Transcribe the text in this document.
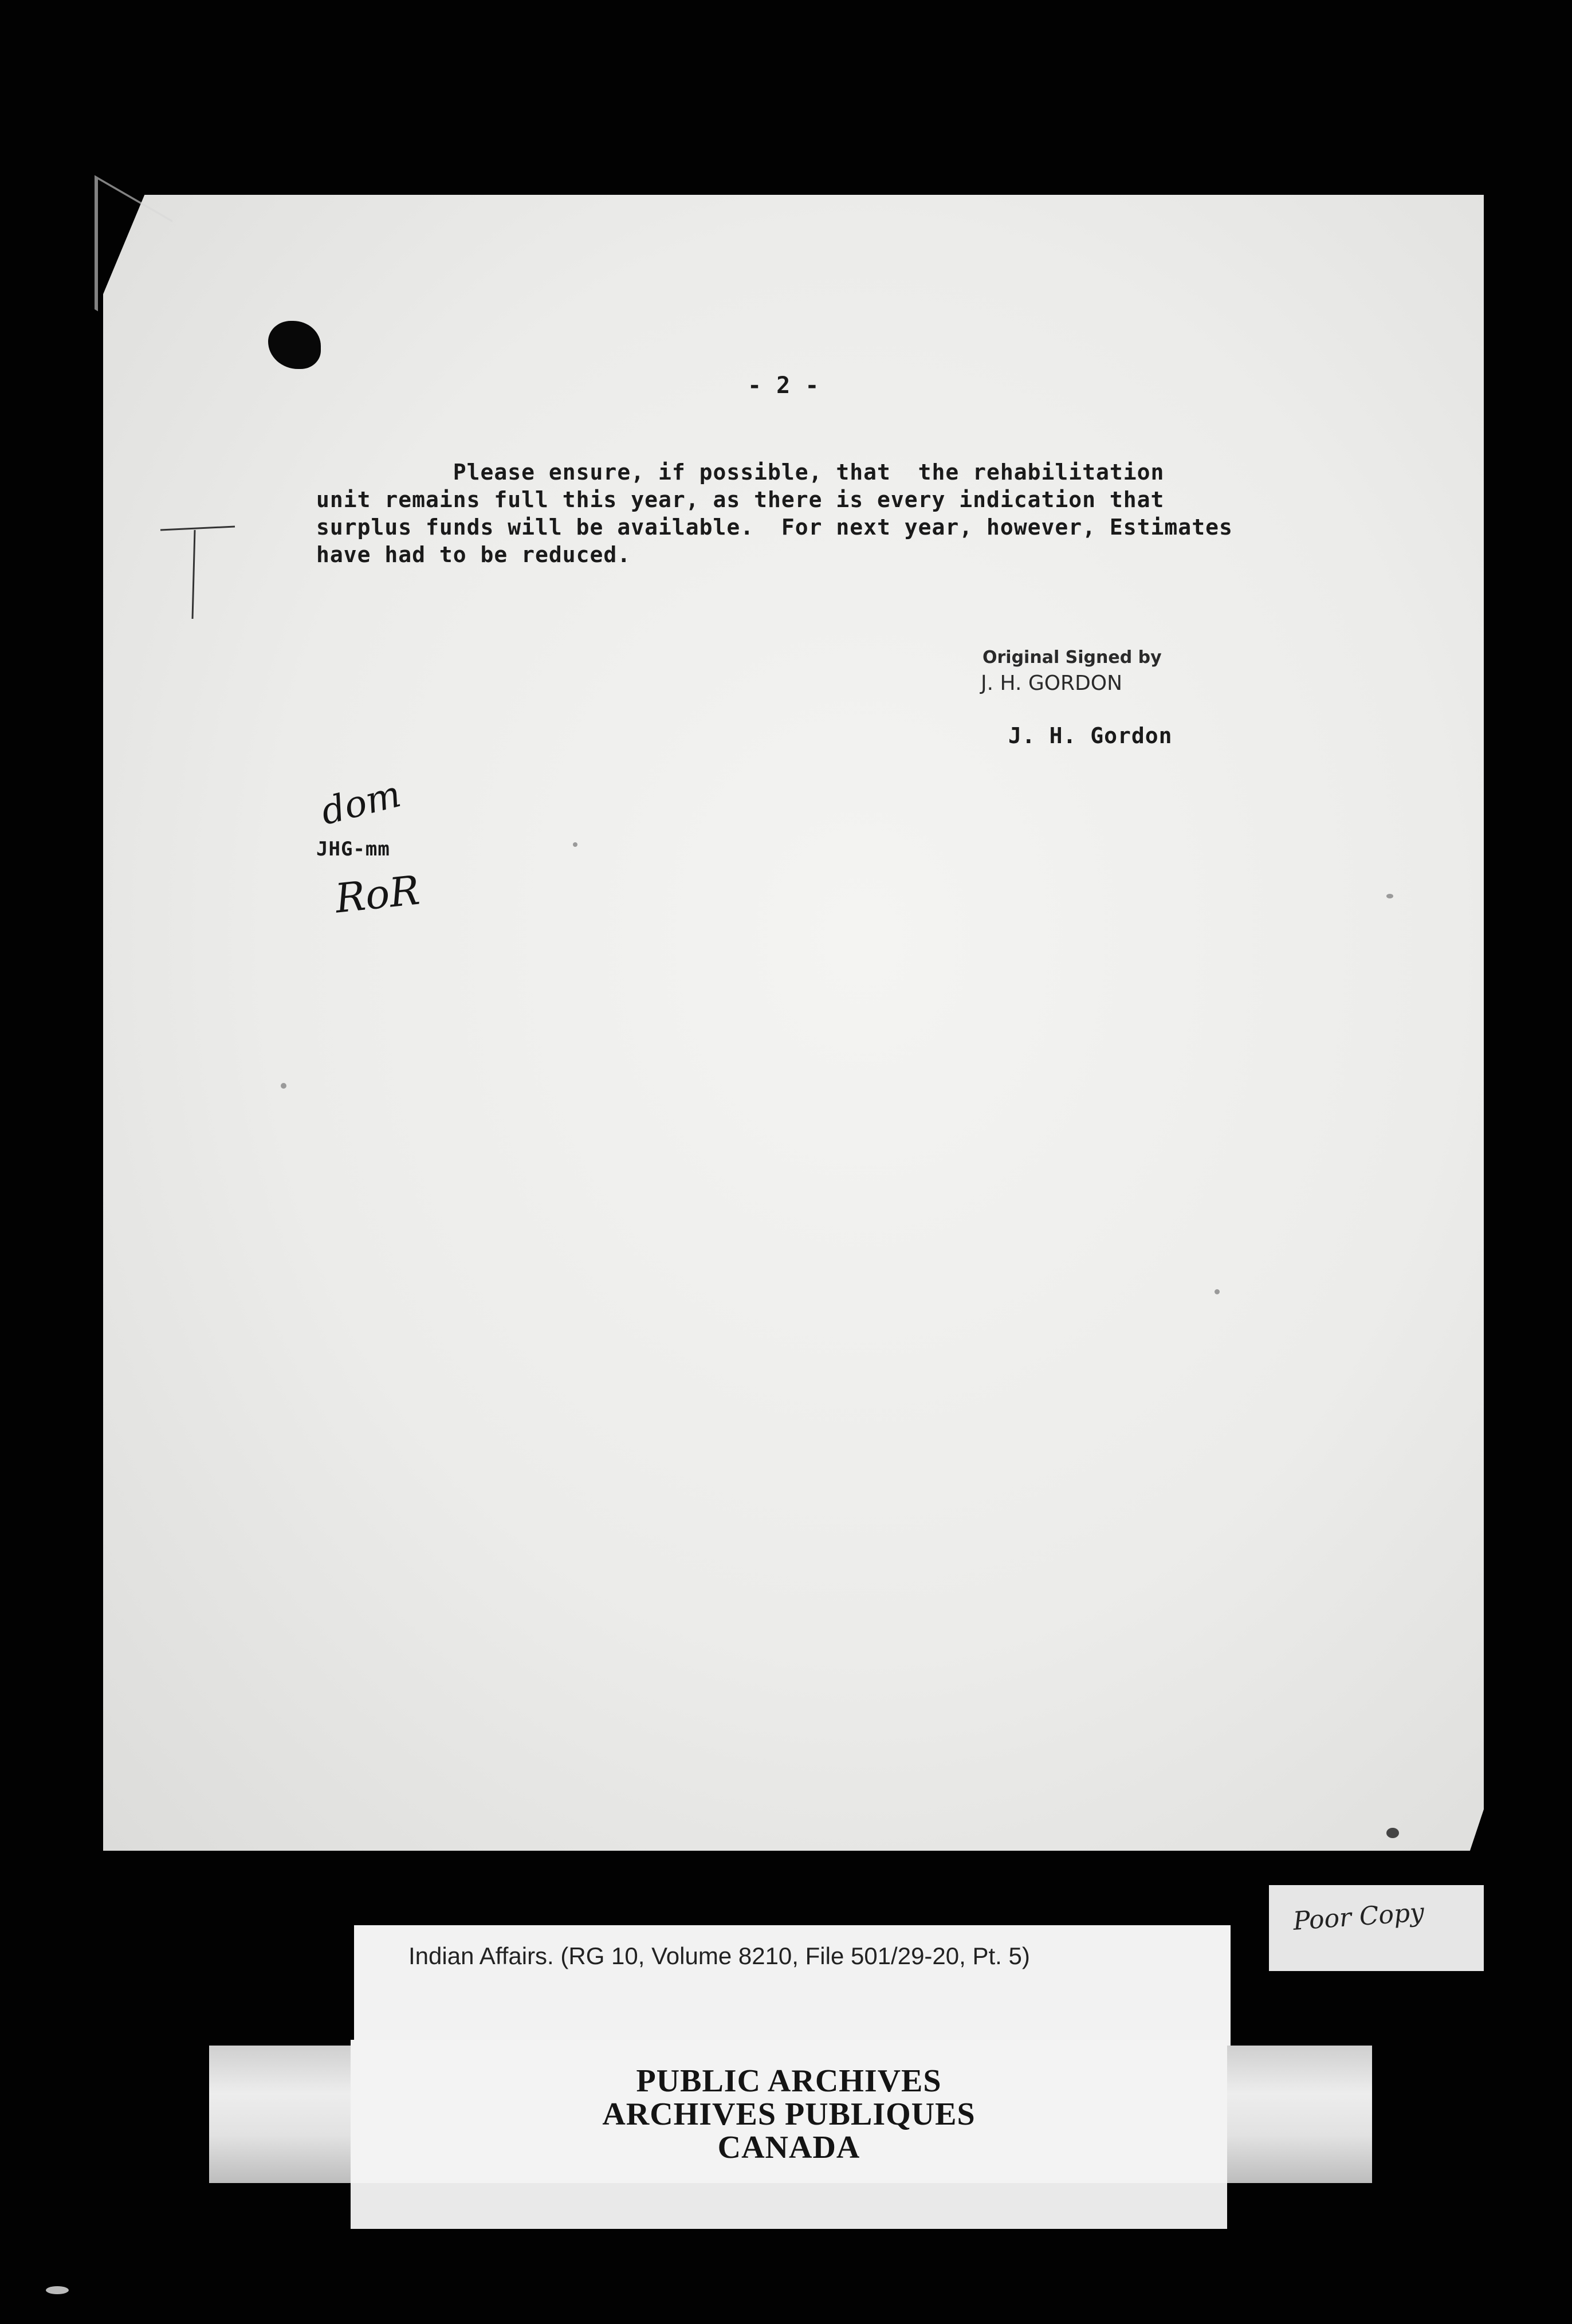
- 2 -
Please ensure, if possible, that  the rehabilitation
unit remains full this year, as there is every indication that
surplus funds will be available.  For next year, however, Estimates
have had to be reduced.
Original Signed by
J. H. GORDON
J. H. Gordon
dom
JHG-mm
RoR
Indian Affairs. (RG 10, Volume 8210, File 501/29-20, Pt. 5)
Poor Copy
PUBLIC ARCHIVES
ARCHIVES PUBLIQUES
CANADA
